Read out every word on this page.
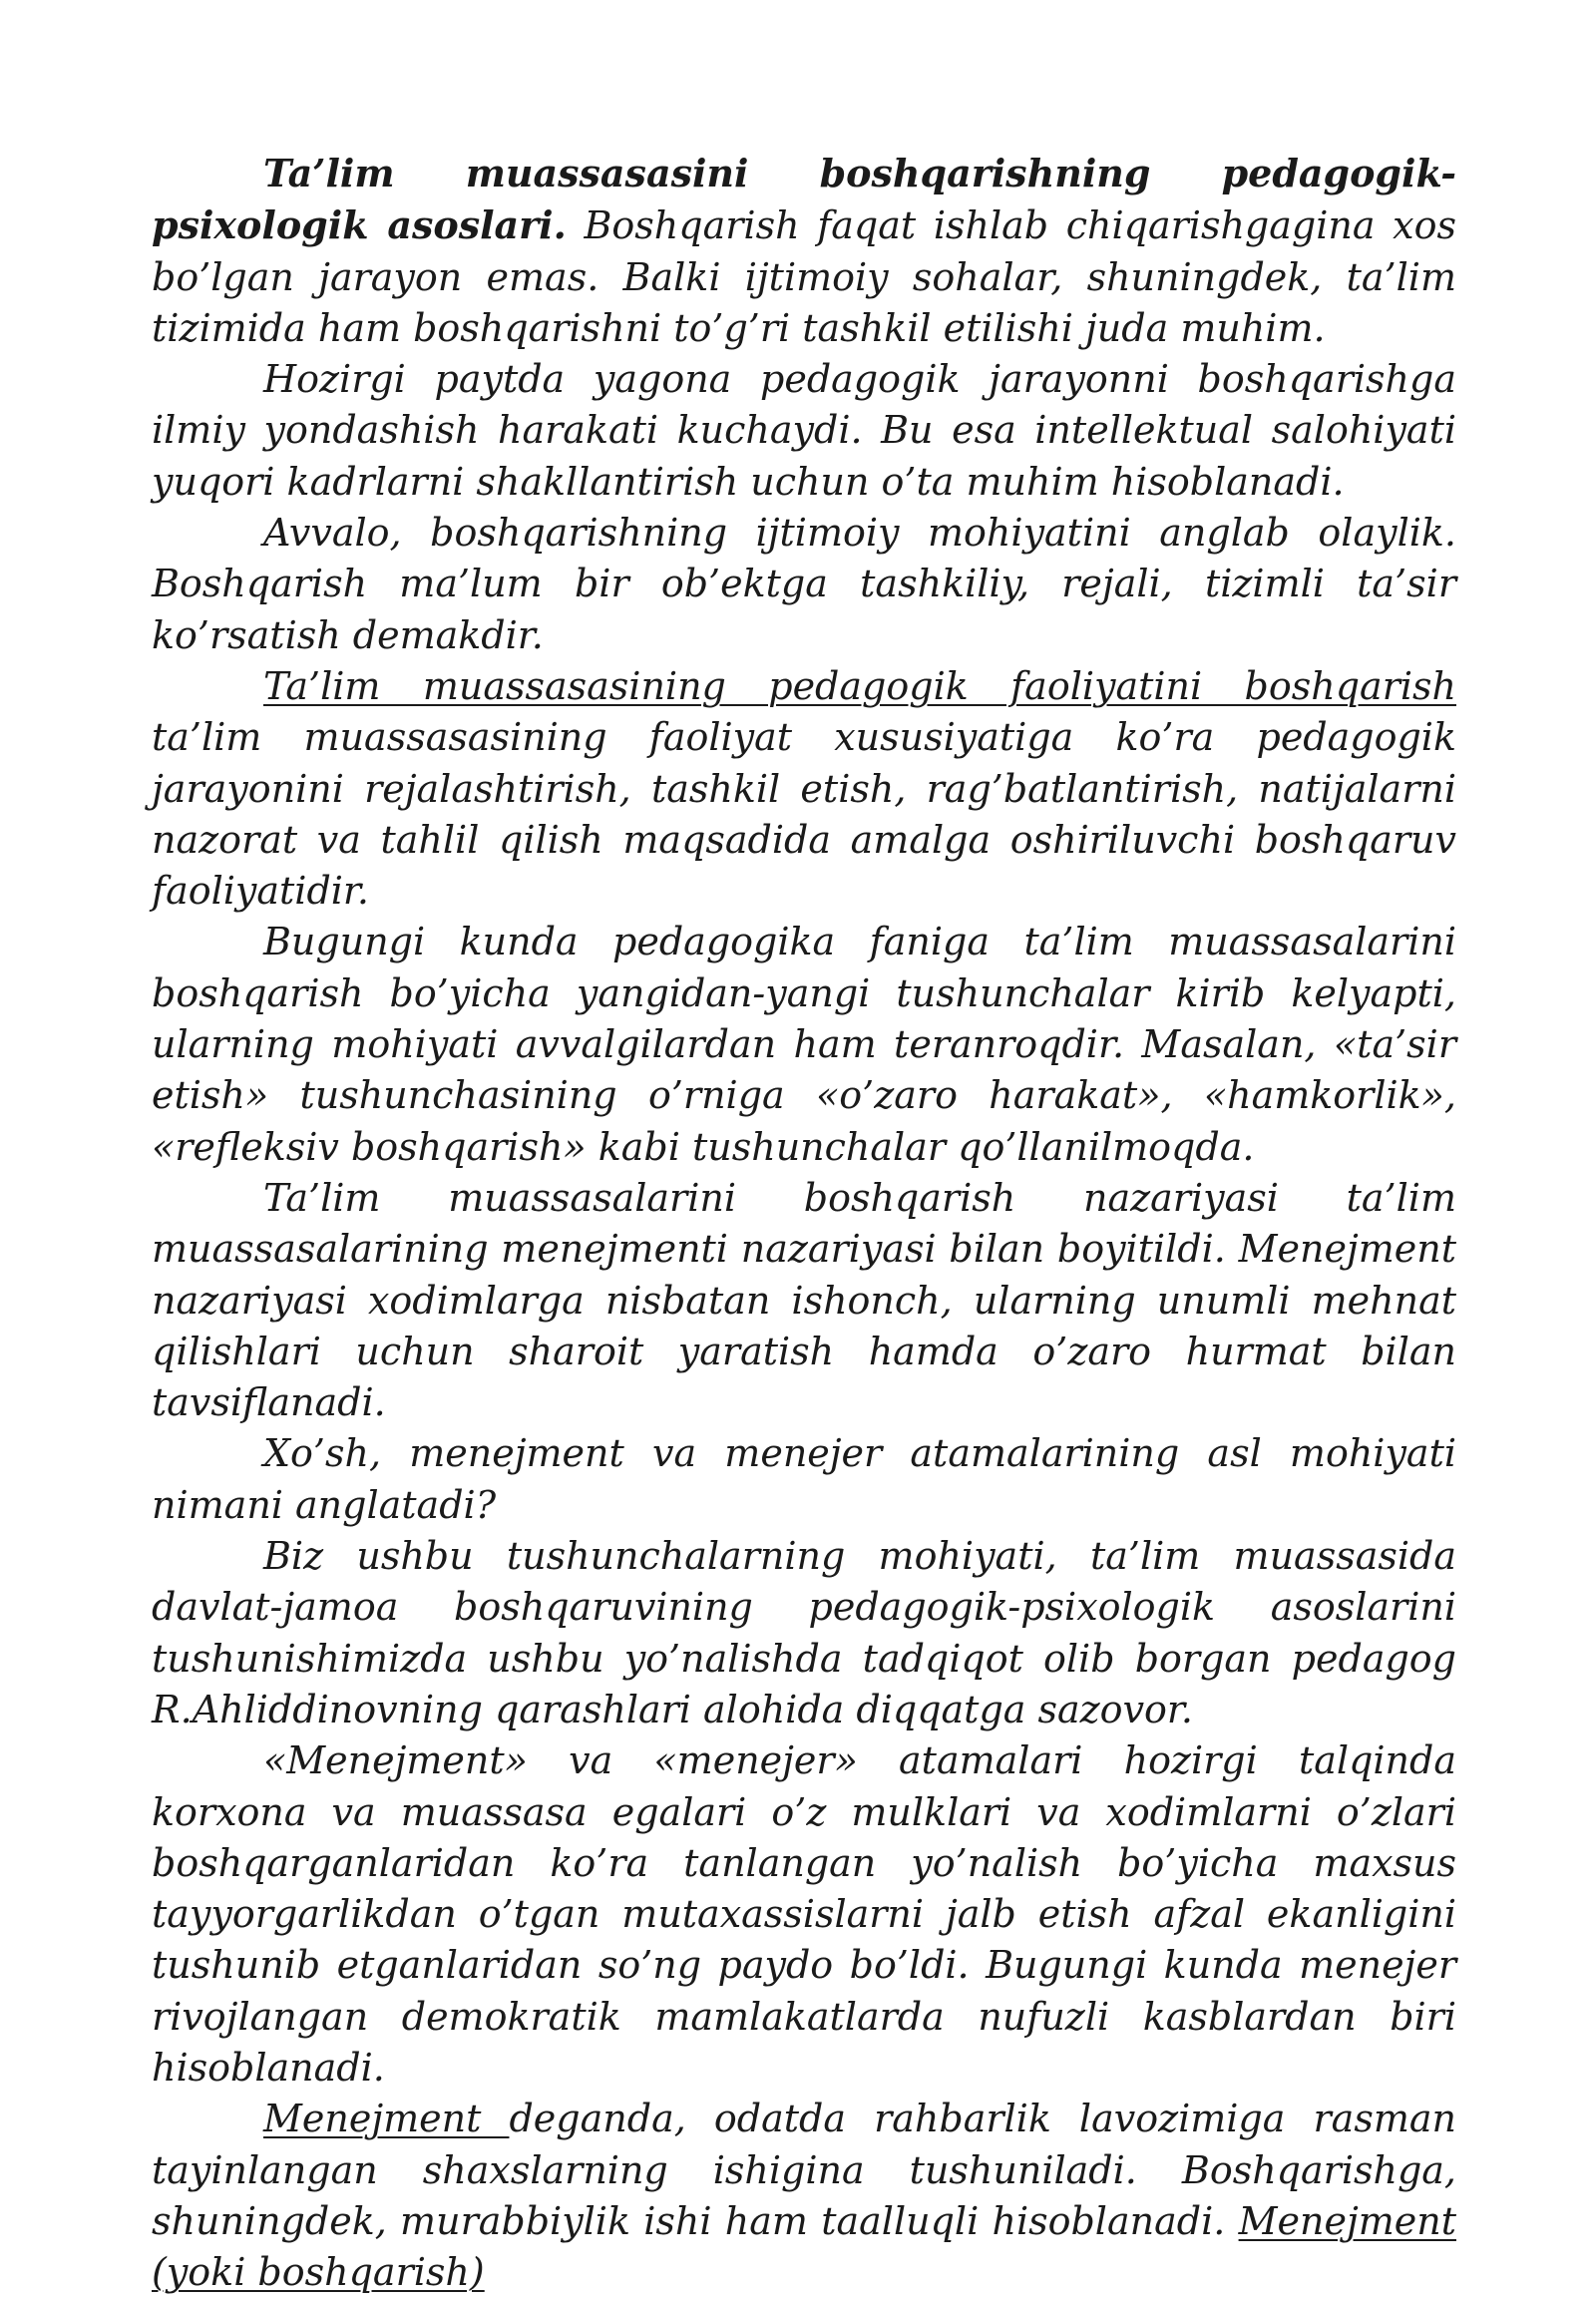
Ta’lim muassasasini boshqarishning pedagogik- psixologik asoslari. Boshqarish faqat ishlab chiqarishgagina xos bo’lgan jarayon emas. Balki ijtimoiy sohalar, shuningdek, ta’lim tizimida ham boshqarishni to’g’ri tashkil etilishi juda muhim.

Hozirgi paytda yagona pedagogik jarayonni boshqarishga ilmiy yondashish harakati kuchaydi. Bu esa intellektual salohiyati yuqori kadrlarni shakllantirish uchun o’ta muhim hisoblanadi.

Avvalo, boshqarishning ijtimoiy mohiyatini anglab olaylik. Boshqarish ma’lum bir ob’ektga tashkiliy, rejali, tizimli ta’sir ko’rsatish demakdir.

Ta’lim muassasasining pedagogik faoliyatini boshqarish ta’lim muassasasining faoliyat xususiyatiga ko’ra pedagogik jarayonini rejalashtirish, tashkil etish, rag’batlantirish, natijalarni nazorat va tahlil qilish maqsadida amalga oshiriluvchi boshqaruv faoliyatidir.

Bugungi kunda pedagogika faniga ta’lim muassasalarini boshqarish bo’yicha yangidan-yangi tushunchalar kirib kelyapti, ularning mohiyati avvalgilardan ham teranroqdir. Masalan, «ta’sir etish» tushunchasining o’rniga «o’zaro harakat», «hamkorlik», «refleksiv boshqarish» kabi tushunchalar qo’llanilmoqda.

Ta’lim muassasalarini boshqarish nazariyasi ta’lim muassasalarining menejmenti nazariyasi bilan boyitildi. Menejment nazariyasi xodimlarga nisbatan ishonch, ularning unumli mehnat qilishlari uchun sharoit yaratish hamda o’zaro hurmat bilan tavsiflanadi.

Xo’sh, menejment va menejer atamalarining asl mohiyati nimani anglatadi?

Biz ushbu tushunchalarning mohiyati, ta’lim muassasida davlat-jamoa boshqaruvining pedagogik-psixologik asoslarini tushunishimizda ushbu yo’nalishda tadqiqot olib borgan pedagog R.Ahliddinovning qarashlari alohida diqqatga sazovor.

«Menejment» va «menejer» atamalari hozirgi talqinda korxona va muassasa egalari o’z mulklari va xodimlarni o’zlari boshqarganlaridan ko’ra tanlangan yo’nalish bo’yicha maxsus tayyorgarlikdan o’tgan mutaxassislarni jalb etish afzal ekanligini tushunib etganlaridan so’ng paydo bo’ldi. Bugungi kunda menejer rivojlangan demokratik mamlakatlarda nufuzli kasblardan biri hisoblanadi.

Menejment deganda, odatda rahbarlik lavozimiga rasman tayinlangan shaxslarning ishigina tushuniladi. Boshqarishga, shuningdek, murabbiylik ishi ham taalluqli hisoblanadi. Menejment (yoki boshqarish)
